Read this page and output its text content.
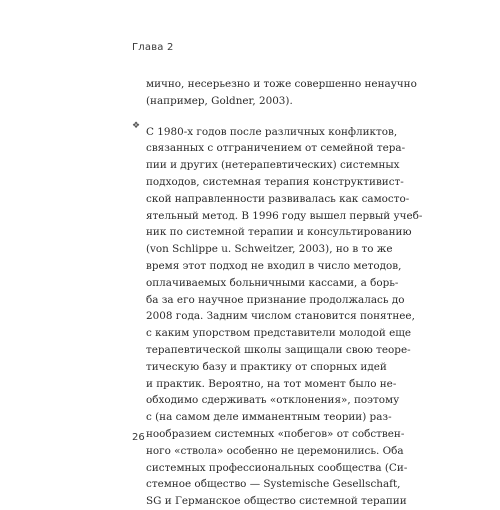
Глава 2
❖
мично, несерьезно и тоже совершенно ненаучно
(например, Goldner, 2003).
С 1980-х годов после различных конфликтов,
связанных с отграничением от семейной тера-
пии и других (нетерапевтических) системных
подходов, системная терапия конструктивист-
ской направленности развивалась как самосто-
ятельный метод. В 1996 году вышел первый учеб-
ник по системной терапии и консультированию
(von Schlippe u. Schweitzer, 2003), но в то же
время этот подход не входил в число методов,
оплачиваемых больничными кассами, а борь-
ба за его научное признание продолжалась до
2008 года. Задним числом становится понятнее,
с каким упорством представители молодой еще
терапевтической школы защищали свою теоре-
тическую базу и практику от спорных идей
и практик. Вероятно, на тот момент было не-
обходимо сдерживать «отклонения», поэтому
с (на самом деле имманентным теории) раз-
нообразием системных «побегов» от собствен-
ного «ствола» особенно не церемонились. Оба
системных профессиональных сообщества (Си-
стемное общество — Systemische Gesellschaft,
SG и Германское общество системной терапии
26
